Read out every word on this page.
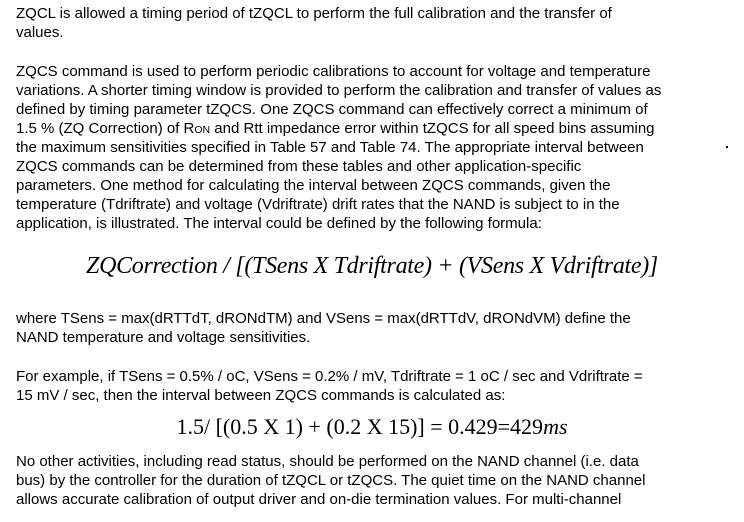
ZQCL is allowed a timing period of tZQCL to perform the full calibration and the transfer of
values.
ZQCS command is used to perform periodic calibrations to account for voltage and temperature
variations. A shorter timing window is provided to perform the calibration and transfer of values as
defined by timing parameter tZQCS. One ZQCS command can effectively correct a minimum of
1.5 % (ZQ Correction) of RON and Rtt impedance error within tZQCS for all speed bins assuming
the maximum sensitivities specified in Table 57 and Table 74. The appropriate interval between
ZQCS commands can be determined from these tables and other application-specific
parameters. One method for calculating the interval between ZQCS commands, given the
temperature (Tdriftrate) and voltage (Vdriftrate) drift rates that the NAND is subject to in the
application, is illustrated. The interval could be defined by the following formula:
ZQCorrection / [(TSens X Tdriftrate) + (VSens X Vdriftrate)]
where TSens = max(dRTTdT, dRONdTM) and VSens = max(dRTTdV, dRONdVM) define the
NAND temperature and voltage sensitivities.
For example, if TSens = 0.5% / oC, VSens = 0.2% / mV, Tdriftrate = 1 oC / sec and Vdriftrate =
15 mV / sec, then the interval between ZQCS commands is calculated as:
1.5/ [(0.5 X 1) + (0.2 X 15)] = 0.429=429ms
No other activities, including read status, should be performed on the NAND channel (i.e. data
bus) by the controller for the duration of tZQCL or tZQCS. The quiet time on the NAND channel
allows accurate calibration of output driver and on-die termination values. For multi-channel
